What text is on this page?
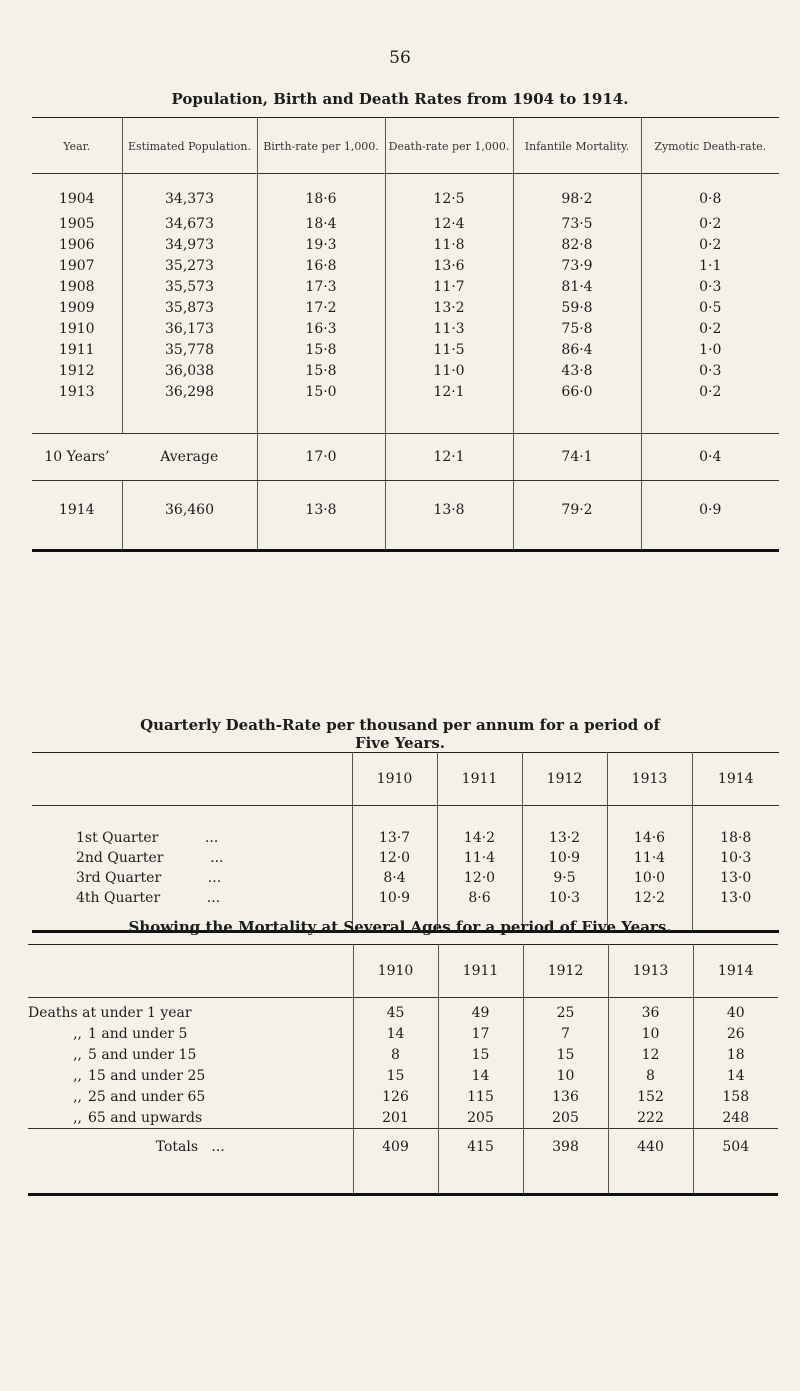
56
Population, Birth and Death Rates from 1904 to 1914.
Year.	Estimated Population.	Birth-rate per 1,000.	Death-rate per 1,000.	Infantile Mortality.	Zymotic Death-rate.
1904	34,373	18·6	12·5	98·2	0·8
1905	34,673	18·4	12·4	73·5	0·2
1906	34,973	19·3	11·8	82·8	0·2
1907	35,273	16·8	13·6	73·9	1·1
1908	35,573	17·3	11·7	81·4	0·3
1909	35,873	17·2	13·2	59·8	0·5
1910	36,173	16·3	11·3	75·8	0·2
1911	35,778	15·8	11·5	86·4	1·0
1912	36,038	15·8	11·0	43·8	0·3
1913	36,298	15·0	12·1	66·0	0·2

10 Years’	Average	17·0	12·1	74·1	0·4
1914	36,460	13·8	13·8	79·2	0·9
Quarterly Death-Rate per thousand per annum for a period of
Five Years.
	1910	1911	1912	1913	1914
1st Quarter ...	13·7	14·2	13·2	14·6	18·8
2nd Quarter ...	12·0	11·4	10·9	11·4	10·3
3rd Quarter ...	8·4	12·0	9·5	10·0	13·0
4th Quarter ...	10·9	8·6	10·3	12·2	13·0
Showing the Mortality at Several Ages for a period of Five Years.
	1910	1911	1912	1913	1914
Deaths at under 1 year	45	49	25	36	40
,, 1 and under 5	14	17	7	10	26
,, 5 and under 15	8	15	15	12	18
,, 15 and under 25	15	14	10	8	14
,, 25 and under 65	126	115	136	152	158
,, 65 and upwards	201	205	205	222	248
Totals ...	409	415	398	440	504
